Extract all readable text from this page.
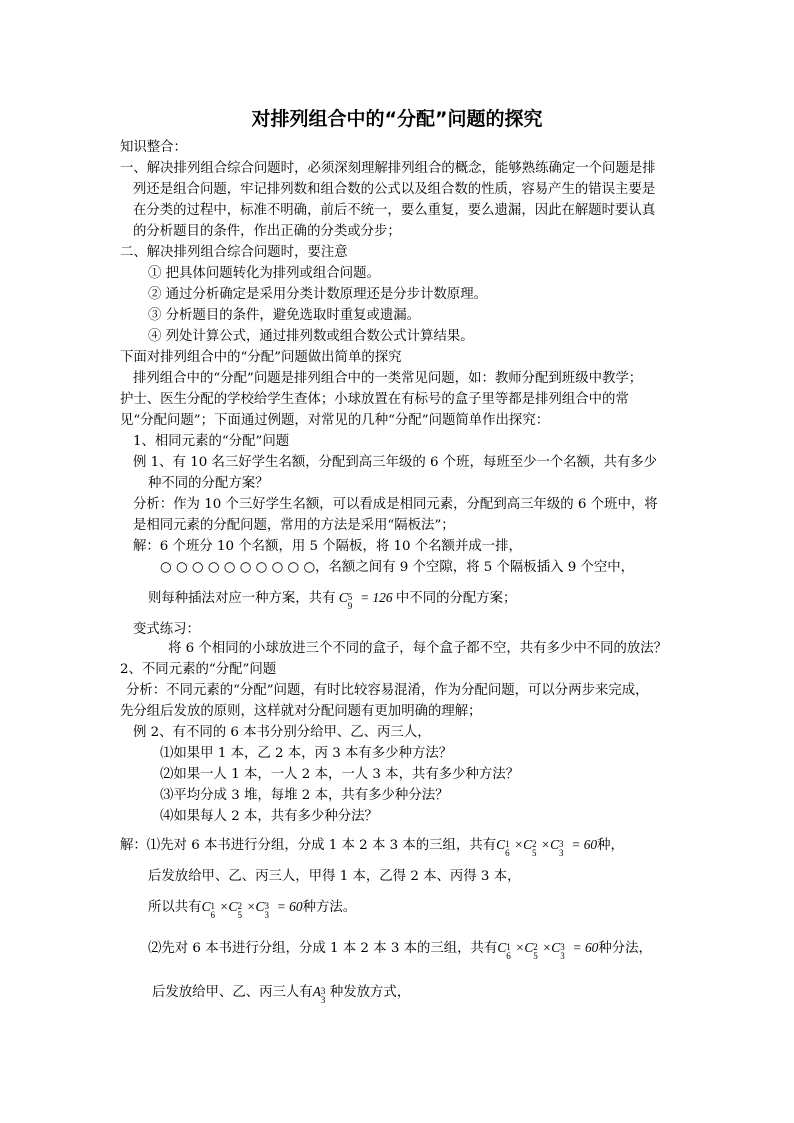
对排列组合中的“分配”问题的探究
知识整合：
一、解决排列组合综合问题时，必须深刻理解排列组合的概念，能够熟练确定一个问题是排
列还是组合问题，牢记排列数和组合数的公式以及组合数的性质，容易产生的错误主要是
在分类的过程中，标准不明确，前后不统一，要么重复，要么遗漏，因此在解题时要认真
的分析题目的条件，作出正确的分类或分步；
二、解决排列组合综合问题时，要注意
① 把具体问题转化为排列或组合问题。
② 通过分析确定是采用分类计数原理还是分步计数原理。
③ 分析题目的条件，避免选取时重复或遗漏。
④ 列处计算公式，通过排列数或组合数公式计算结果。
下面对排列组合中的“分配”问题做出简单的探究
排列组合中的“分配”问题是排列组合中的一类常见问题，如：教师分配到班级中教学；
护士、医生分配的学校给学生查体；小球放置在有标号的盒子里等都是排列组合中的常
见“分配问题”；下面通过例题，对常见的几种“分配”问题简单作出探究：
1、相同元素的“分配”问题
例 1、有 10 名三好学生名额，分配到高三年级的 6 个班，每班至少一个名额，共有多少
种不同的分配方案？
分析：作为 10 个三好学生名额，可以看成是相同元素，分配到高三年级的 6 个班中，将
是相同元素的分配问题，常用的方法是采用“隔板法”；
解：6 个班分 10 个名额，用 5 个隔板，将 10 个名额并成一排，
○ ○ ○ ○ ○ ○ ○ ○ ○ ○，名额之间有 9 个空隙，将 5 个隔板插入 9 个空中，
则每种插法对应一种方案，共有 C 5
9
= 126 中不同的分配方案；
变式练习：
将 6 个相同的小球放进三个不同的盒子，每个盒子都不空，共有多少中不同的放法？
2、不同元素的“分配”问题
分析：不同元素的“分配”问题，有时比较容易混淆，作为分配问题，可以分两步来完成，
先分组后发放的原则，这样就对分配问题有更加明确的理解；
例 2、有不同的 6 本书分别分给甲、乙、丙三人，
⑴如果甲 1 本，乙 2 本，丙 3 本有多少种方法？
⑵如果一人 1 本，一人 2 本，一人 3 本，共有多少种方法？
⑶平均分成 3 堆，每堆 2 本，共有多少种分法？
⑷如果每人 2 本，共有多少种分法？
解：⑴先对 6 本书进行分组，分成 1 本 2 本 3 本的三组，共有C 1
6
×C 2
5
×C 3
3
= 60种，
后发放给甲、乙、丙三人，甲得 1 本，乙得 2 本、丙得 3 本，
所以共有C 1
6
×C 2
5
×C 3
3
= 60种方法。
⑵先对 6 本书进行分组，分成 1 本 2 本 3 本的三组，共有C 1
6
×C 2
5
×C 3
3
= 60种分法，
后发放给甲、乙、丙三人有A 3
3 种发放方式，
